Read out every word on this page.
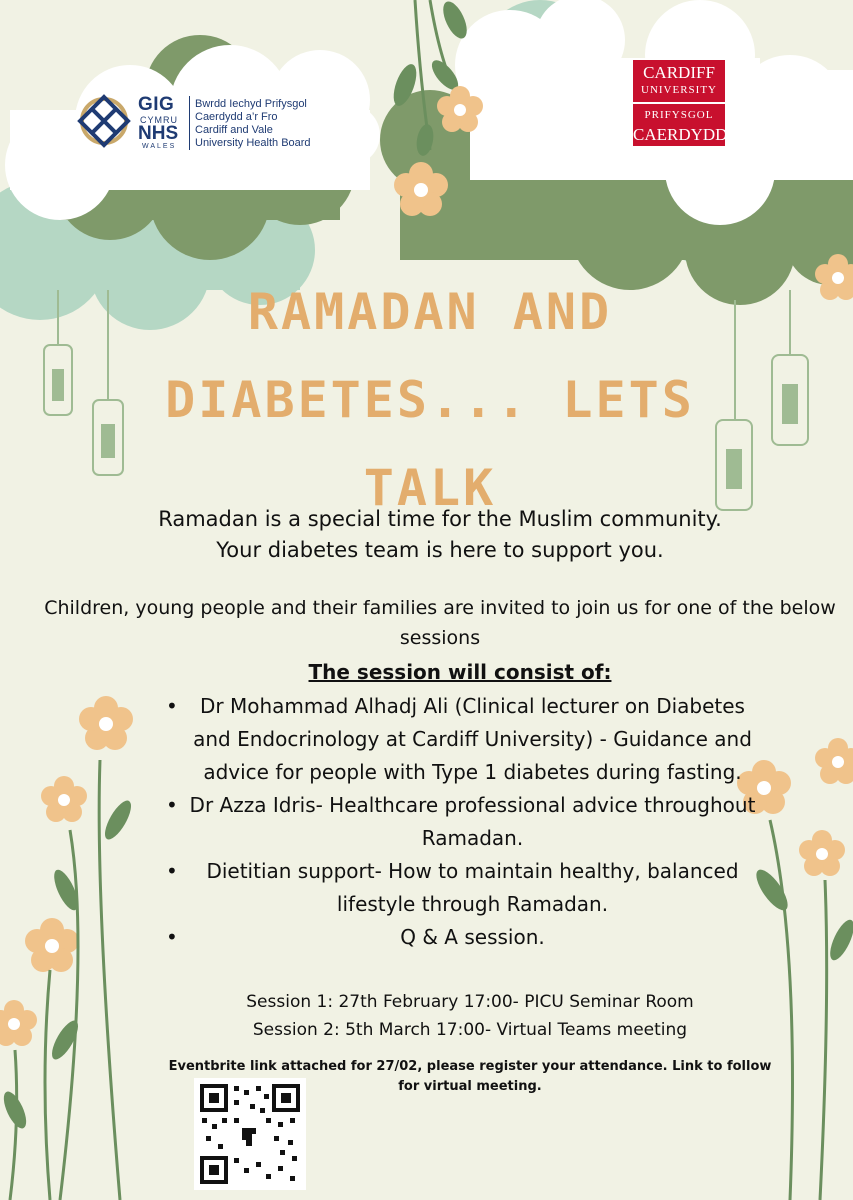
GIG
CYMRU
NHS
WALES
Bwrdd Iechyd Prifysgol
Caerdydd a’r Fro
Cardiff and Vale
University Health Board
CARDIFF
UNIVERSITY
PRIFYSGOL
CAERDYDD
RAMADAN AND
DIABETES... LETS
TALK
Ramadan is a special time for the Muslim community. Your diabetes team is here to support you.
Children, young people and their families are invited to join us for one of the below sessions
The session will consist of:
• Dr Mohammad Alhadj Ali (Clinical lecturer on Diabetes and Endocrinology at Cardiff University) - Guidance and advice for people with Type 1 diabetes during fasting.
• Dr Azza Idris- Healthcare professional advice throughout Ramadan.
• Dietitian support- How to maintain healthy, balanced lifestyle through Ramadan.
•	Q & A session.
Session 1: 27th February 17:00- PICU Seminar Room
Session 2: 5th March 17:00- Virtual Teams meeting
Eventbrite link attached for 27/02, please register your attendance. Link to follow for virtual meeting.
